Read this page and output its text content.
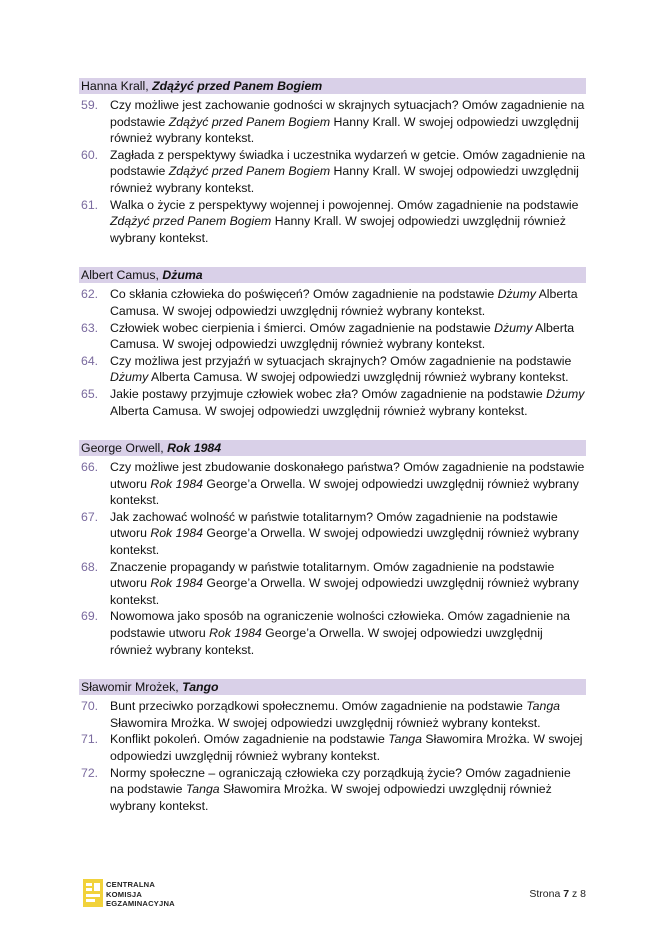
Hanna Krall, Zdążyć przed Panem Bogiem
59. Czy możliwe jest zachowanie godności w skrajnych sytuacjach? Omów zagadnienie na podstawie Zdążyć przed Panem Bogiem Hanny Krall. W swojej odpowiedzi uwzględnij również wybrany kontekst.
60. Zagłada z perspektywy świadka i uczestnika wydarzeń w getcie. Omów zagadnienie na podstawie Zdążyć przed Panem Bogiem Hanny Krall. W swojej odpowiedzi uwzględnij również wybrany kontekst.
61. Walka o życie z perspektywy wojennej i powojennej. Omów zagadnienie na podstawie Zdążyć przed Panem Bogiem Hanny Krall. W swojej odpowiedzi uwzględnij również wybrany kontekst.
Albert Camus, Dżuma
62. Co skłania człowieka do poświęceń? Omów zagadnienie na podstawie Dżumy Alberta Camusa. W swojej odpowiedzi uwzględnij również wybrany kontekst.
63. Człowiek wobec cierpienia i śmierci. Omów zagadnienie na podstawie Dżumy Alberta Camusa. W swojej odpowiedzi uwzględnij również wybrany kontekst.
64. Czy możliwa jest przyjaźń w sytuacjach skrajnych? Omów zagadnienie na podstawie Dżumy Alberta Camusa. W swojej odpowiedzi uwzględnij również wybrany kontekst.
65. Jakie postawy przyjmuje człowiek wobec zła? Omów zagadnienie na podstawie Dżumy Alberta Camusa. W swojej odpowiedzi uwzględnij również wybrany kontekst.
George Orwell, Rok 1984
66. Czy możliwe jest zbudowanie doskonałego państwa? Omów zagadnienie na podstawie utworu Rok 1984 George’a Orwella. W swojej odpowiedzi uwzględnij również wybrany kontekst.
67. Jak zachować wolność w państwie totalitarnym? Omów zagadnienie na podstawie utworu Rok 1984 George’a Orwella. W swojej odpowiedzi uwzględnij również wybrany kontekst.
68. Znaczenie propagandy w państwie totalitarnym. Omów zagadnienie na podstawie utworu Rok 1984 George’a Orwella. W swojej odpowiedzi uwzględnij również wybrany kontekst.
69. Nowomowa jako sposób na ograniczenie wolności człowieka. Omów zagadnienie na podstawie utworu Rok 1984 George’a Orwella. W swojej odpowiedzi uwzględnij również wybrany kontekst.
Sławomir Mrożek, Tango
70. Bunt przeciwko porządkowi społecznemu. Omów zagadnienie na podstawie Tanga Sławomira Mrożka. W swojej odpowiedzi uwzględnij również wybrany kontekst.
71. Konflikt pokoleń. Omów zagadnienie na podstawie Tanga Sławomira Mrożka. W swojej odpowiedzi uwzględnij również wybrany kontekst.
72. Normy społeczne – ograniczają człowieka czy porządkują życie? Omów zagadnienie na podstawie Tanga Sławomira Mrożka. W swojej odpowiedzi uwzględnij również wybrany kontekst.
CENTRALNA
KOMISJA
EGZAMINACYJNA
Strona 7 z 8
